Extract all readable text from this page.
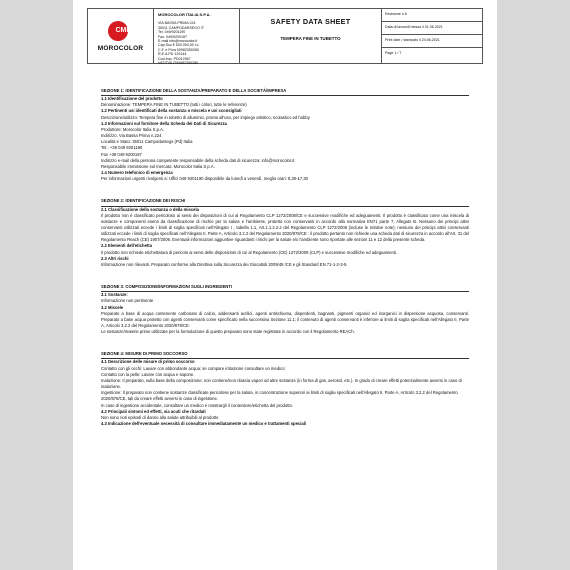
CMP
MOROCOLOR
MOROCOLOR ITALIA S.P.A.
VIA BASSA PRIMA 224
35011 CAMPODARSEGO IT
Tel. 049/9201190
Fax. 049/9200187
E-mail info@morocolor.it
Cap.Soc € 530.000,00 i.v.
C.F. e P.iva 00982350280
R.E.A.PD 129144
Cod.Imp. PD012967
VAT/TVA IT00982350280
SAFETY DATA SHEET
TEMPERA FINE IN TUBETTO
Revisione n.6
Data di lavoro/Emesso il 01.06.2021
Print date / stampato il 24.06.2021
Page 1 / 7

SEZIONE 1: IDENTIFICAZIONE DELLA SOSTANZA/PREPARATO E DELLA SOCIETÀ/IMPRESA

1.1 Identificazione del prodotto

Denominazione: TEMPERA FINE IN TUBETTO (tutti i colori, tutte le referenze)

1.2 Pertinenti usi identificati della sostanza o miscela e usi sconsigliati

Descrizione/utilizzo: Tempera fine in tubetto di alluminio, pronta all'uso, per impiego artistico, scolastico ed hobby

1.3 Informazioni sul fornitore della Scheda dei Dati di Sicurezza

Produttore: Morocolor Italia S.p.A.

Indirizzo. Via Bassa Prima n.224

Località e Stato: 35011 Campodarsego (Pd) Italia

Tel.: +39 049 9201190

Fax +39 049 9200187

Indirizzo e-mail della persona competente responsabile della scheda dati di sicurezza: info@morocolor.it

Responsabile immissione sul mercato: Morocolor Italia S.p.A.

1.4 Numero telefonico di emergenza

Per informazioni urgenti rivolgersi a: Uffici 049 9201190 disponibile da lunedì a venerdì, meglio orari: 8,30-17,30

SEZIONE 2: IDENTIFICAZIONE DEI RISCHI

2.1 Classificazione della sostanza o della miscela

Il prodotto non è classificato pericoloso ai sensi dei disposizioni di cui al Regolamento CLP 1272/2008/CE e successive modifiche ed adeguamenti. Il prodotto è classificato come una miscela di sostanze e componenti esenti da classificazione di rischio per la salute e l'ambiente, protetto con conservanti in accordo alla normativa EN71 parte 7, Allegato B. Nessuno dei principi attivi conservanti utilizzati eccede i limiti di soglia specificati nell'Allegato I , tabella 1.1, Art.1.1.2.2.2 del Regolamento CLP 1272/2008 (incluse le relative note); nessuno dei principi attivi conservanti utilizzati eccede i limiti di soglia specificati nell'Allegato II, Parte A, Articolo 3.2.2 del Regolamento 2020/878/CE : il prodotto pertanto non richiede una scheda dati di sicurezza in accordo all'Art. 31 del Regolamento Reach (CE) 1907/2006. Eventuali informazioni aggiuntive riguardanti i rischi per la salute e/o l'ambiente sono riportate alle sezioni 11 e 12 della presente scheda.

2.2 Elementi dell'etichetta

Il prodotto non richiede etichettatura di pericolo ai sensi delle disposizioni di cui al Regolamento (CE) 1272/2008 (CLP) e successive modifiche ed adeguamenti.

2.3 Altri rischi

Informazione non rilevanti. Preparato conforme alla Direttiva sulla Sicurezza dei Giocattoli 2009/48 /CE e gli Standard EN 71-1-2-3-9.

SEZIONE 3: COMPOSIZIONE/INFORMAZIONI SUGLI INGREDIENTI

3.1 Sostanze:

Informazione non pertinente

3.2 Miscele

Preparato a base di acqua contenente carbonato di calcio, addensanti acrilici, agenti antischiuma, disperdenti, bagnanti, pigmenti organici ed inorganici in dispersione acquosa, conservanti. Preparato a base acqua protetto con agenti conservanti come specificato nella successiva Sezione 11.1; il contenuto di agenti conservanti è inferiore ai limiti di soglia specificati nell'Allegato II, Parte A, Articolo 3.2.2 del Regolamento 2020/878/CE.

Le sostanze/materie prime utilizzate per la formulazione di questo preparato sono state registrate in accordo con il Regolamento REACh.

SEZIONE 4: MISURE DI PRIMO SOCCORSO

4.1 Descrizione delle misure di primo soccorso

Contatto con gli occhi: Lavare con abbondante acqua; se compare irritazione consultare un medico:

Contatto con la pelle: Lavare con acqua e sapone.

Inalazione: Il preparato, sulla base della composizione, non contiene/non rilascia vapori od altre sostanze (in forma di gas, aerosol, etc.). In grado di creare effetti potenzialmente avversi in caso di inalazione.

Ingestione: Il preparato non contiene sostanze classificate pericolose per la salute, in concentrazione superiori ai limiti di soglia specificati nell'Allegato II, Parte A, Articolo 3.2.2 del Regolamento 2020/878/CE, tali da creare effetti avversi in caso di ingestione.

In caso di ingestione accidentale, consultare un medico e mostrargli il contenitore/etichetta del prodotto.

4.2 Principali sintomi ed effetti, sia acuti che ritardati

Non sono noti episodi di danno alla salute attribuibili al prodotto

4.3 Indicazione dell'eventuale necessità di consultare immediatamente un medico e trattamenti speciali
